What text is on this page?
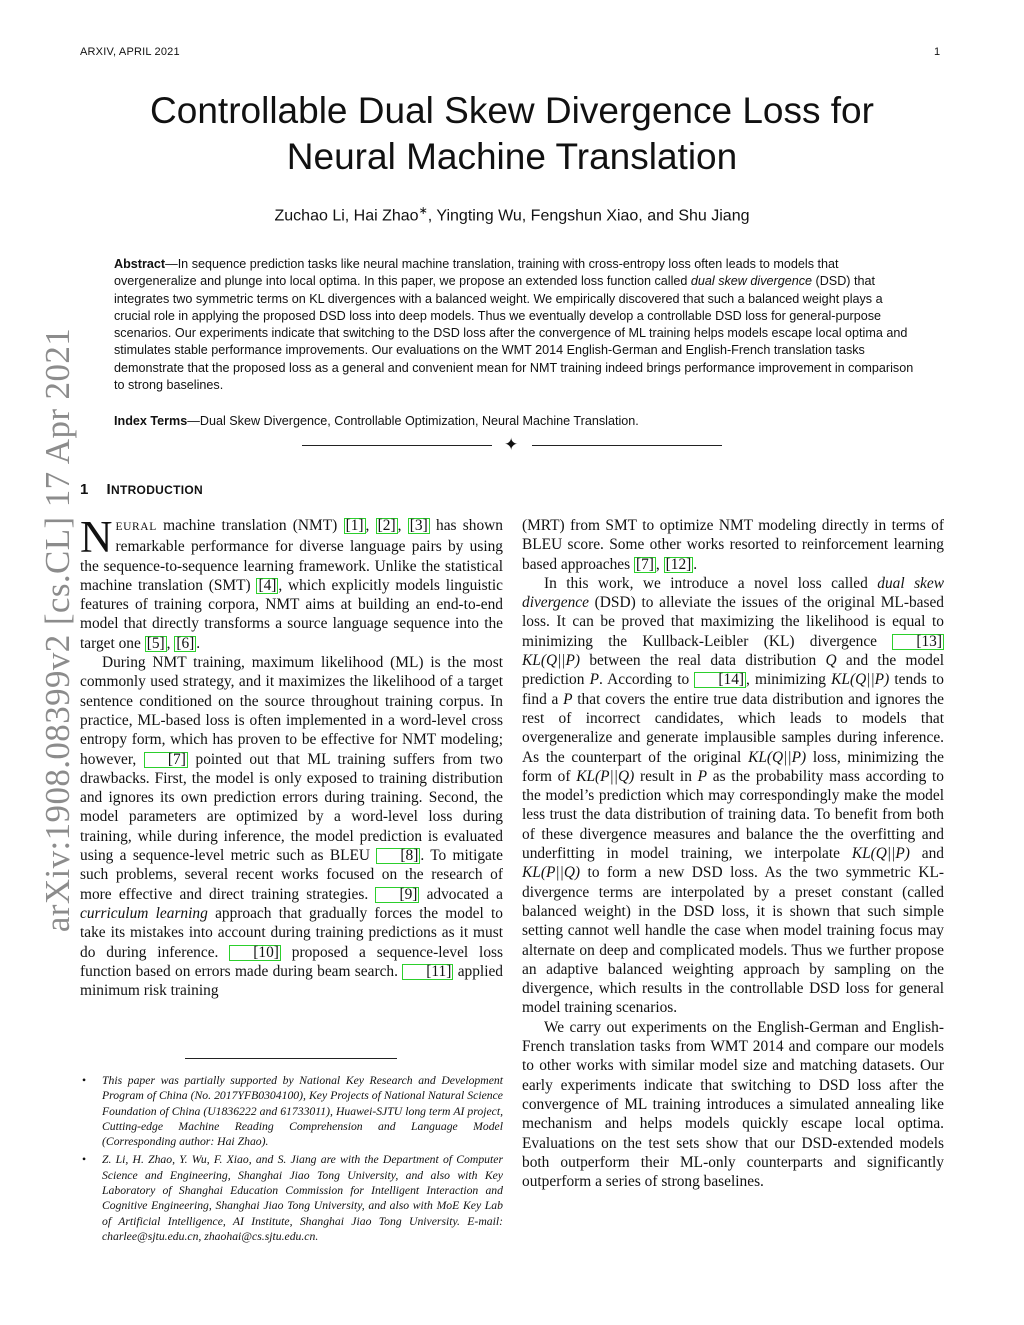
ARXIV, APRIL 2021	1
Controllable Dual Skew Divergence Loss for
Neural Machine Translation
Zuchao Li, Hai Zhao∗, Yingting Wu, Fengshun Xiao, and Shu Jiang
Abstract—In sequence prediction tasks like neural machine translation, training with cross-entropy loss often leads to models that overgeneralize and plunge into local optima. In this paper, we propose an extended loss function called dual skew divergence (DSD) that integrates two symmetric terms on KL divergences with a balanced weight. We empirically discovered that such a balanced weight plays a crucial role in applying the proposed DSD loss into deep models. Thus we eventually develop a controllable DSD loss for general-purpose scenarios. Our experiments indicate that switching to the DSD loss after the convergence of ML training helps models escape local optima and stimulates stable performance improvements. Our evaluations on the WMT 2014 English-German and English-French translation tasks demonstrate that the proposed loss as a general and convenient mean for NMT training indeed brings performance improvement in comparison to strong baselines.
Index Terms—Dual Skew Divergence, Controllable Optimization, Neural Machine Translation.
✦
arXiv:1908.08399v2 [cs.CL] 17 Apr 2021 1 INTRODUCTION

NEURAL machine translation (NMT) [1] , [2] , [3] has shown remarkable performance for diverse language pairs by using the sequence-to-sequence learning framework. Unlike the statistical machine translation (SMT) [4] , which explicitly models linguistic features of training corpora, NMT aims at building an end-to-end model that directly transforms a source language sequence into the target one [5] , [6] .

During NMT training, maximum likelihood (ML) is the most commonly used strategy, and it maximizes the likelihood of a target sentence conditioned on the source throughout training corpus. In practice, ML-based loss is often implemented in a word-level cross entropy form, which has proven to be effective for NMT modeling; however, [7] pointed out that ML training suffers from two drawbacks. First, the model is only exposed to training distribution and ignores its own prediction errors during training. Second, the model parameters are optimized by a word-level loss during training, while during inference, the model prediction is evaluated using a sequence-level metric such as BLEU [8] . To mitigate such problems, several recent works focused on the research of more effective and direct training strategies. [9] advocated a curriculum learning approach that gradually forces the model to take its mistakes into account during training predictions as it must do during inference. [10] proposed a sequence-level loss function based on errors made during beam search. [11] applied minimum risk training

• This paper was partially supported by National Key Research and Development Program of China (No. 2017YFB0304100), Key Projects of National Natural Science Foundation of China (U1836222 and 61733011), Huawei-SJTU long term AI project, Cutting-edge Machine Reading Comprehension and Language Model (Corresponding author: Hai Zhao).
• Z. Li, H. Zhao, Y. Wu, F. Xiao, and S. Jiang are with the Department of Computer Science and Engineering, Shanghai Jiao Tong University, and also with Key Laboratory of Shanghai Education Commission for Intelligent Interaction and Cognitive Engineering, Shanghai Jiao Tong University, and also with MoE Key Lab of Artificial Intelligence, AI Institute, Shanghai Jiao Tong University. E-mail: charlee@sjtu.edu.cn, zhaohai@cs.sjtu.edu.cn.

(MRT) from SMT to optimize NMT modeling directly in terms of BLEU score. Some other works resorted to reinforcement learning based approaches [7] , [12] .

In this work, we introduce a novel loss called dual skew divergence (DSD) to alleviate the issues of the original ML-based loss. It can be proved that maximizing the likelihood is equal to minimizing the Kullback-Leibler (KL) divergence [13] KL(Q||P) between the real data distribution Q and the model prediction P. According to [14] , minimizing KL(Q||P) tends to find a P that covers the entire true data distribution and ignores the rest of incorrect candidates, which leads to models that overgeneralize and generate implausible samples during inference. As the counterpart of the original KL(Q||P) loss, minimizing the form of KL(P||Q) result in P as the probability mass according to the model’s prediction which may correspondingly make the model less trust the data distribution of training data. To benefit from both of these divergence measures and balance the the overfitting and underfitting in model training, we interpolate KL(Q||P) and KL(P||Q) to form a new DSD loss. As the two symmetric KL-divergence terms are interpolated by a preset constant (called balanced weight) in the DSD loss, it is shown that such simple setting cannot well handle the case when model training focus may alternate on deep and complicated models. Thus we further propose an adaptive balanced weighting approach by sampling on the divergence, which results in the controllable DSD loss for general model training scenarios.

We carry out experiments on the English-German and English-French translation tasks from WMT 2014 and compare our models to other works with similar model size and matching datasets. Our early experiments indicate that switching to DSD loss after the convergence of ML training introduces a simulated annealing like mechanism and helps models quickly escape local optima. Evaluations on the test sets show that our DSD-extended models both outperform their ML-only counterparts and significantly outperform a series of strong baselines.
